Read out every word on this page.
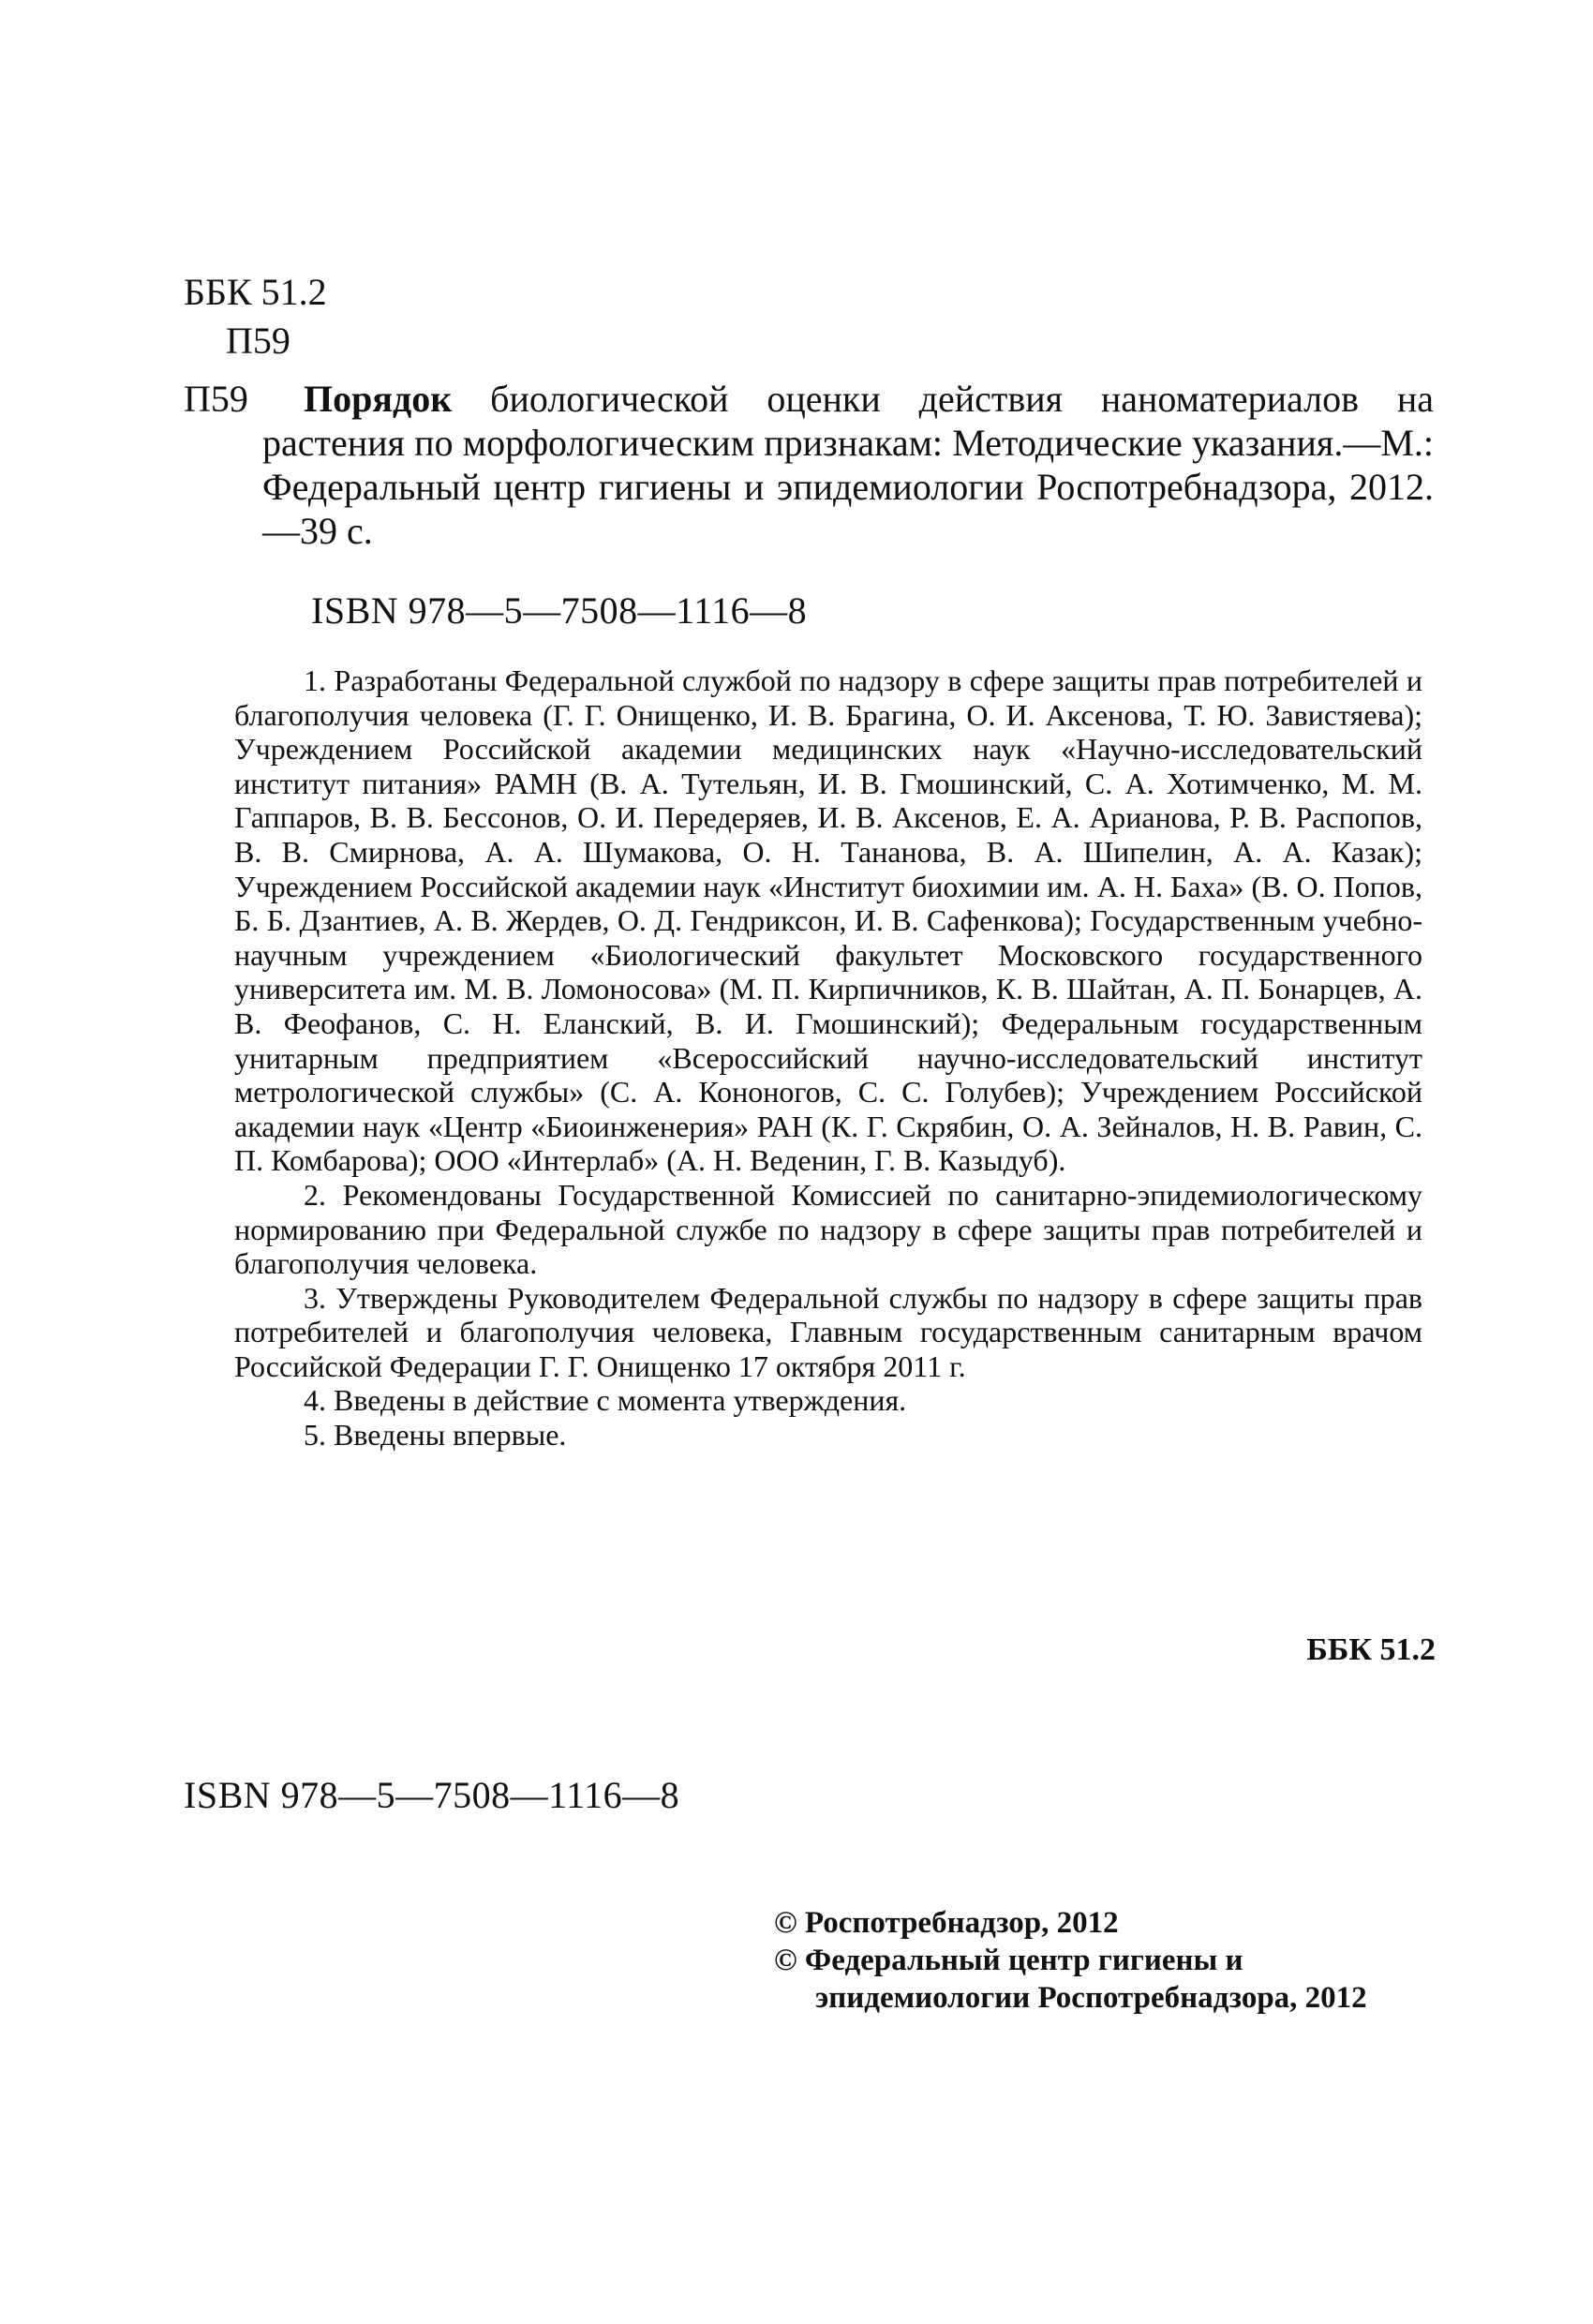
ББК 51.2
П59
П59	Порядок биологической оценки действия наноматериалов на растения по морфологическим признакам: Методические указания.—М.: Федеральный центр гигиены и эпидемиологии Роспотребнадзора, 2012.—39 с.
ISBN 978—5—7508—1116—8

1. Разработаны Федеральной службой по надзору в сфере защиты прав потребителей и благополучия человека (Г. Г. Онищенко, И. В. Брагина, О. И. Аксенова, Т. Ю. Завистяева); Учреждением Российской академии медицинских наук «Научно-исследовательский институт питания» РАМН (В. А. Тутельян, И. В. Гмошинский, С. А. Хотимченко, М. М. Гаппаров, В. В. Бессонов, О. И. Передеряев, И. В. Аксенов, Е. А. Арианова, Р. В. Распопов, В. В. Смирнова, А. А. Шумакова, О. Н. Тананова, В. А. Шипелин, А. А. Казак); Учреждением Российской академии наук «Институт биохимии им. А. Н. Баха» (В. О. Попов, Б. Б. Дзантиев, А. В. Жердев, О. Д. Гендриксон, И. В. Сафенкова); Государственным учебно-научным учреждением «Биологический факультет Московского государственного университета им. М. В. Ломоносова» (М. П. Кирпичников, К. В. Шайтан, А. П. Бонарцев, А. В. Феофанов, С. Н. Еланский, В. И. Гмошинский); Федеральным государственным унитарным предприятием «Всероссийский научно-исследовательский институт метрологической службы» (С. А. Кононогов, С. С. Голубев); Учреждением Российской академии наук «Центр «Биоинженерия» РАН (К. Г. Скрябин, О. А. Зейналов, Н. В. Равин, С. П. Комбарова); ООО «Интерлаб» (А. Н. Веденин, Г. В. Казыдуб).

2. Рекомендованы Государственной Комиссией по санитарно-эпидемиологическому нормированию при Федеральной службе по надзору в сфере защиты прав потребителей и благополучия человека.

3. Утверждены Руководителем Федеральной службы по надзору в сфере защиты прав потребителей и благополучия человека, Главным государственным санитарным врачом Российской Федерации Г. Г. Онищенко 17 октября 2011 г.

4. Введены в действие с момента утверждения.

5. Введены впервые.

ББК 51.2
ISBN 978—5—7508—1116—8
© Роспотребнадзор, 2012
© Федеральный центр гигиены и
эпидемиологии Роспотребнадзора, 2012
